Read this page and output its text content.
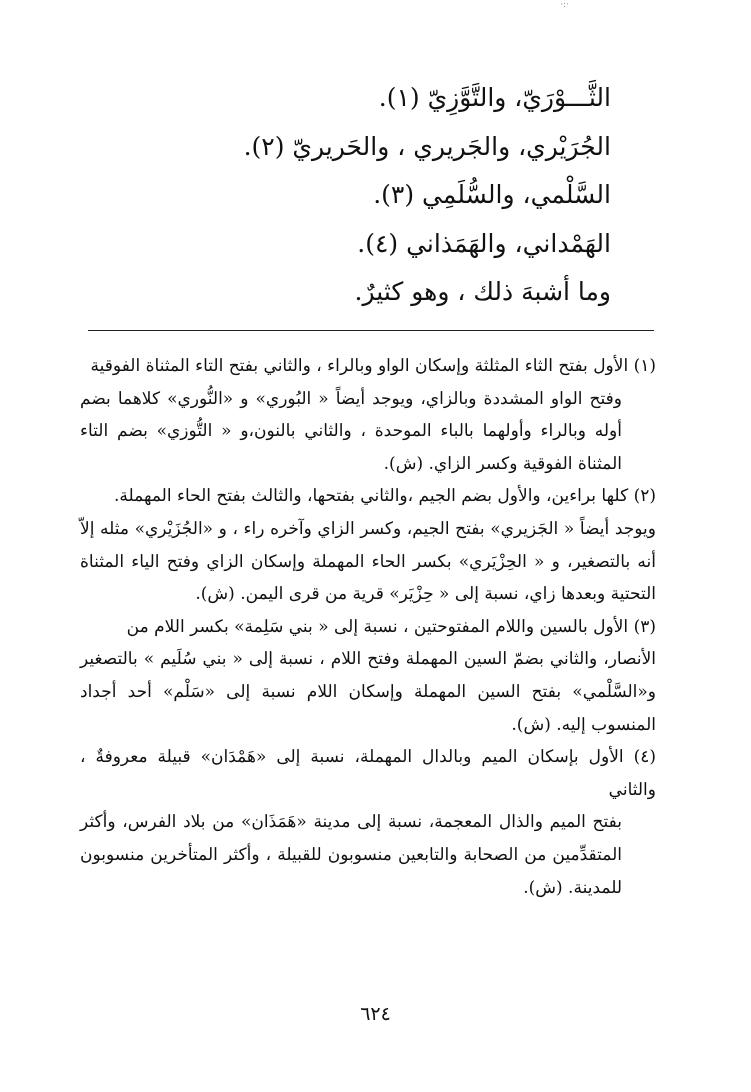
·:·
الثَّـــوْرَيّ، والتَّوَّزِيّ (١).
الجُرَيْري، والجَريري ، والحَريريّ (٢).
السَّلْمي، والسُّلَمِي (٣).
الهَمْداني، والهَمَذاني (٤).
وما أشبهَ ذلك ، وهو كثيرٌ.
(١) الأول بفتح الثاء المثلثة وإسكان الواو وبالراء ، والثاني بفتح التاء المثناة الفوقية
وفتح الواو المشددة وبالزاي، ويوجد أيضاً « البُوري» و «النُّوري» كلاهما بضم أوله وبالراء وأولهما بالباء الموحدة ، والثاني بالنون،و « التُّوزي» بضم التاء المثناة الفوقية وكسر الزاي. (ش).
(٢) كلها براءين، والأول بضم الجيم ،والثاني بفتحها، والثالث بفتح الحاء المهملة.
ويوجد أيضاً « الجَزيري» بفتح الجيم، وكسر الزاي وآخره راء ، و «الجُزَيْري» مثله إلاّ أنه بالتصغير، و « الحِزْيَري» بكسر الحاء المهملة وإسكان الزاي وفتح الياء المثناة التحتية وبعدها زاي، نسبة إلى « حِزْيَر» قرية من قرى اليمن. (ش).
(٣) الأول بالسين واللام المفتوحتين ، نسبة إلى « بني سَلِمة» بكسر اللام من
الأنصار، والثاني بضمّ السين المهملة وفتح اللام ، نسبة إلى « بني سُلَيم » بالتصغير و«السَّلْمي» بفتح السين المهملة وإسكان اللام نسبة إلى «سَلْم» أحد أجداد المنسوب إليه. (ش).
(٤) الأول بإسكان الميم وبالدال المهملة، نسبة إلى «هَمْدَان» قبيلة معروفةٌ ، والثاني
بفتح الميم والذال المعجمة، نسبة إلى مدينة «هَمَذَان» من بلاد الفرس، وأكثر المتقدِّمين من الصحابة والتابعين منسوبون للقبيلة ، وأكثر المتأخرين منسوبون للمدينة. (ش).
٦٢٤
